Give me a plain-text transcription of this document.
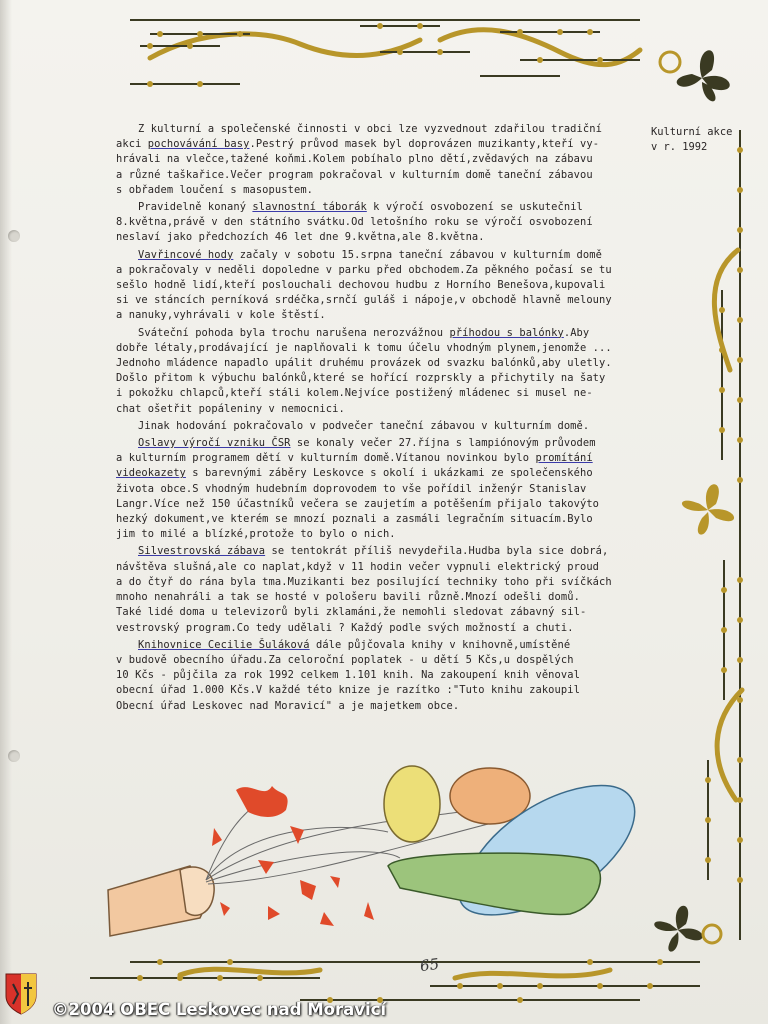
Kulturní akce
v r. 1992

Z kulturní a společenské činnosti v obci lze vyzvednout zdařilou tradiční
akci pochovávání basy.Pestrý průvod masek byl doprovázen muzikanty,kteří vy-
hrávali na vlečce,tažené koňmi.Kolem pobíhalo plno dětí,zvědavých na zábavu
a různé taškařice.Večer program pokračoval v kulturním domě taneční zábavou
s obřadem loučení s masopustem.

Pravidelně konaný slavnostní táborák k výročí osvobození se uskutečnil
8.května,právě v den státního svátku.Od letošního roku se výročí osvobození
neslaví jako předchozích 46 let dne 9.května,ale 8.května.

Vavřincové hody začaly v sobotu 15.srpna taneční zábavou v kulturním domě
a pokračovaly v neděli dopoledne v parku před obchodem.Za pěkného počasí se tu
sešlo hodně lidí,kteří poslouchali dechovou hudbu z Horního Benešova,kupovali
si ve stáncích perníková srdéčka,srnčí guláš i nápoje,v obchodě hlavně melouny
a nanuky,vyhrávali v kole štěstí.

Sváteční pohoda byla trochu narušena nerozvážnou příhodou s balónky.Aby
dobře létaly,prodávající je naplňovali k tomu účelu vhodným plynem,jenomže ...
Jednoho mládence napadlo upálit druhému provázek od svazku balónků,aby uletly.
Došlo přitom k výbuchu balónků,které se hořící rozprskly a přichytily na šaty
i pokožku chlapců,kteří stáli kolem.Nejvíce postižený mládenec si musel ne-
chat ošetřit popáleniny v nemocnici.

Jinak hodování pokračovalo v podvečer taneční zábavou v kulturním domě.

Oslavy výročí vzniku ČSR se konaly večer 27.října s lampiónovým průvodem
a kulturním programem dětí v kulturním domě.Vítanou novinkou bylo promítání
videokazety s barevnými záběry Leskovce s okolí i ukázkami ze společenského
života obce.S vhodným hudebním doprovodem to vše pořídil inženýr Stanislav
Langr.Více než 150 účastníků večera se zaujetím a potěšením přijalo takovýto
hezký dokument,ve kterém se mnozí poznali a zasmáli legračním situacím.Bylo
jim to milé a blízké,protože to bylo o nich.

Silvestrovská zábava se tentokrát příliš nevydeřila.Hudba byla sice dobrá,
návštěva slušná,ale co naplat,když v 11 hodin večer vypnuli elektrický proud
a do čtyř do rána byla tma.Muzikanti bez posilující techniky toho při svíčkách
mnoho nenahráli a tak se hosté v pološeru bavili různě.Mnozí odešli domů.
Také lidé doma u televizorů byli zklamáni,že nemohli sledovat zábavný sil-
vestrovský program.Co tedy udělali ? Každý podle svých možností a chuti.

Knihovnice Cecilie Šuláková dále půjčovala knihy v knihovně,umístěné
v budově obecního úřadu.Za celoroční poplatek - u dětí 5 Kčs,u dospělých
10 Kčs - půjčila za rok 1992 celkem 1.101 knih. Na zakoupení knih věnoval
obecní úřad 1.000 Kčs.V každé této knize je razítko :"Tuto knihu zakoupil
Obecní úřad Leskovec nad Moravicí" a je majetkem obce.

65
©2004 OBEC Leskovec nad Moravicí
